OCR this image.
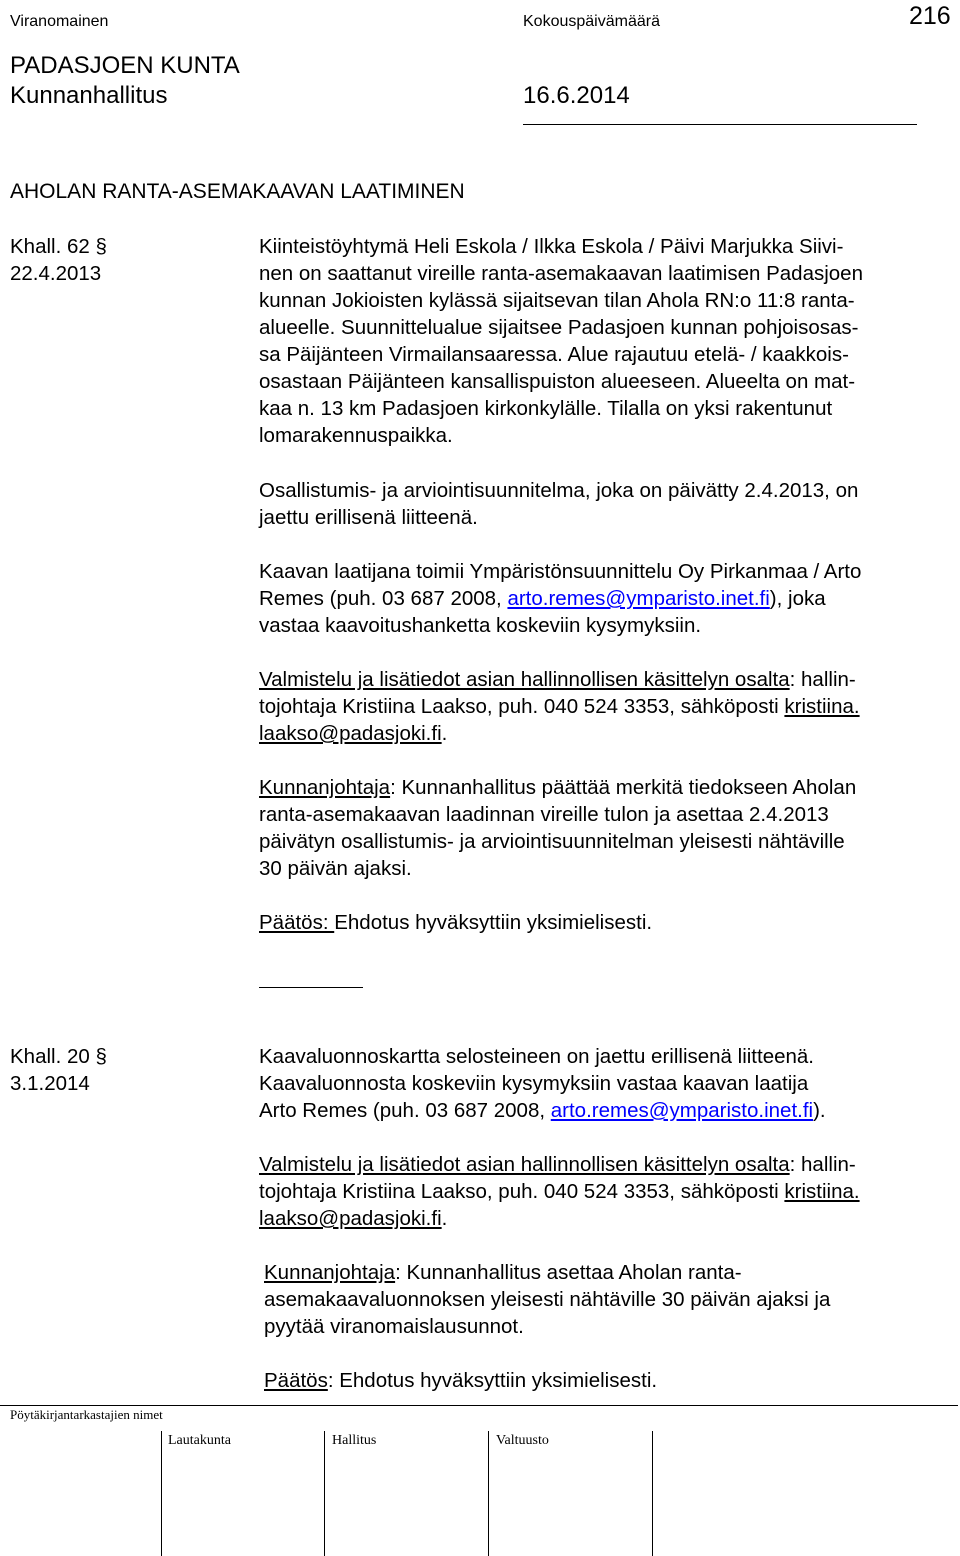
Viranomainen	Kokouspäivämäärä	216
PADASJOEN KUNTA
Kunnanhallitus	16.6.2014
AHOLAN RANTA-ASEMAKAAVAN LAATIMINEN
Khall. 62 §
22.4.2013
Kiinteistöyhtymä Heli Eskola / Ilkka Eskola / Päivi Marjukka Siivi-
nen on saattanut vireille ranta-asemakaavan laatimisen Padasjoen
kunnan Jokioisten kylässä sijaitsevan tilan Ahola RN:o 11:8 ranta-
alueelle. Suunnittelualue sijaitsee Padasjoen kunnan pohjoisosas-
sa Päijänteen Virmailansaaressa. Alue rajautuu etelä- / kaakkois-
osastaan Päijänteen kansallispuiston alueeseen. Alueelta on mat-
kaa n. 13 km Padasjoen kirkonkylälle. Tilalla on yksi rakentunut
lomarakennuspaikka.
Osallistumis- ja arviointisuunnitelma, joka on päivätty 2.4.2013, on
jaettu erillisenä liitteenä.
Kaavan laatijana toimii Ympäristönsuunnittelu Oy Pirkanmaa / Arto
Remes (puh. 03 687 2008, arto.remes@ymparisto.inet.fi), joka
vastaa kaavoitushanketta koskeviin kysymyksiin.
Valmistelu ja lisätiedot asian hallinnollisen käsittelyn osalta: hallin-
tojohtaja Kristiina Laakso, puh. 040 524 3353, sähköposti kristiina.
laakso@padasjoki.fi.
Kunnanjohtaja: Kunnanhallitus päättää merkitä tiedokseen Aholan
ranta-asemakaavan laadinnan vireille tulon ja asettaa 2.4.2013
päivätyn osallistumis- ja arviointisuunnitelman yleisesti nähtäville
30 päivän ajaksi.
Päätös: Ehdotus hyväksyttiin yksimielisesti.
Khall. 20 §
3.1.2014
Kaavaluonnoskartta selosteineen on jaettu erillisenä liitteenä.
Kaavaluonnosta koskeviin kysymyksiin vastaa kaavan laatija
Arto Remes (puh. 03 687 2008, arto.remes@ymparisto.inet.fi).
Valmistelu ja lisätiedot asian hallinnollisen käsittelyn osalta: hallin-
tojohtaja Kristiina Laakso, puh. 040 524 3353, sähköposti kristiina.
laakso@padasjoki.fi.
Kunnanjohtaja: Kunnanhallitus asettaa Aholan ranta-
asemakaavaluonnoksen yleisesti nähtäville 30 päivän ajaksi ja
pyytää viranomaislausunnot.
Päätös: Ehdotus hyväksyttiin yksimielisesti.
Pöytäkirjantarkastajien nimet
Lautakunta	Hallitus	Valtuusto
